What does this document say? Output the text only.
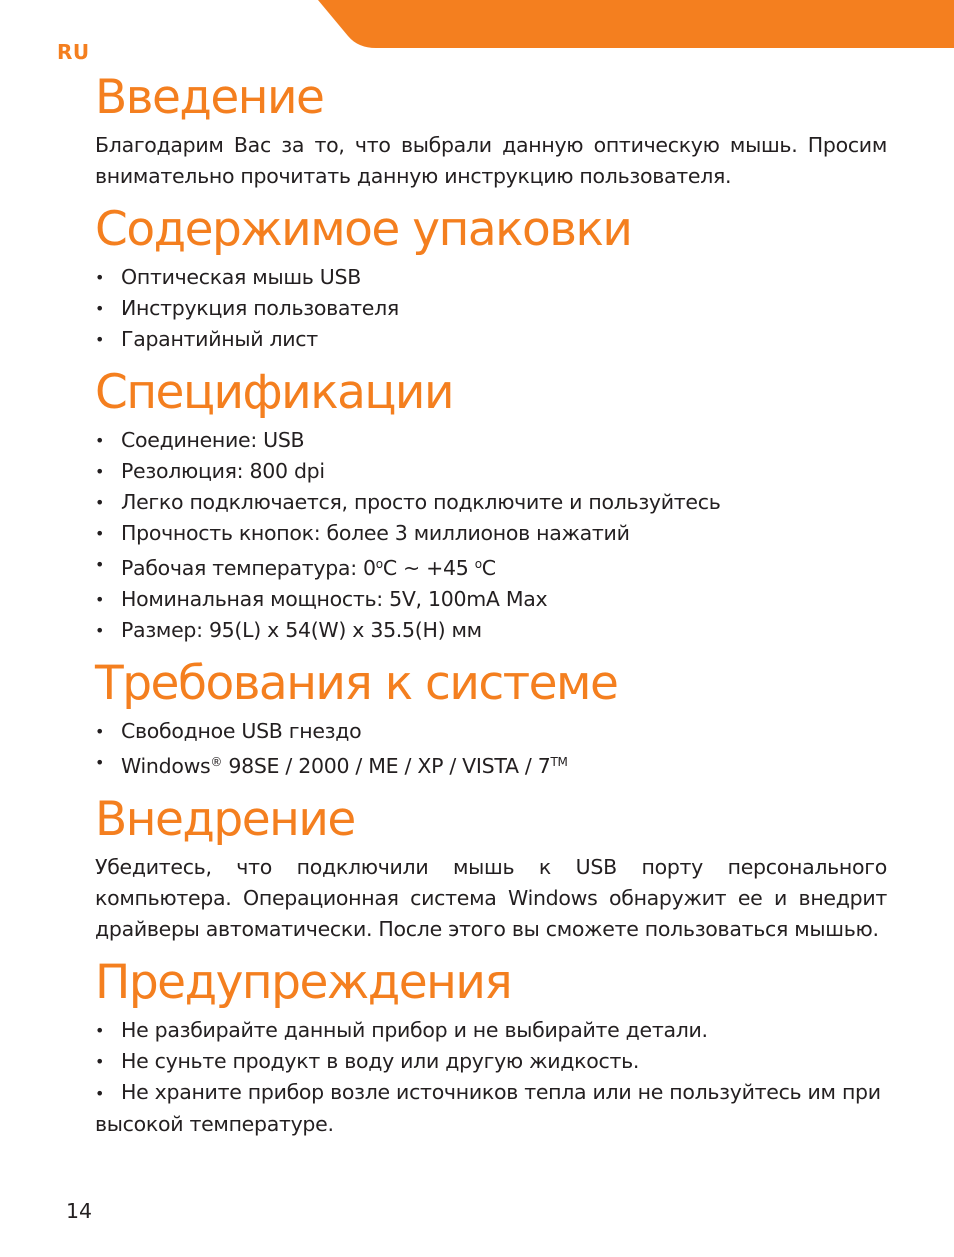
RU
Введение

Благодарим Вас за то, что выбрали данную оптическую мышь. Просим внимательно прочитать данную инструкцию пользователя.

Содержимое упаковки
• Оптическая мышь USB
• Инструкция пользователя
• Гарантийный лист
Спецификации
• Соединение: USB
• Резолюция: 800 dpi
• Легко подключается, просто подключите и пользуйтесь
• Прочность кнопок: более 3 миллионов нажатий
• Рабочая температура: 0$^o$C ~ +45 $^o$C
• Номинальная мощность: 5V, 100mA Max
• Размер: 95(L) x 54(W) x 35.5(H) мм
Требования к системе
• Свободное USB гнездо
• Windows® 98SE / 2000 / ME / XP / VISTA / 7™
Внедрение

Убедитесь, что подключили мышь к USB порту персонального компьютера. Операционная система Windows обнаружит ее и внедрит драйверы автоматически. После этого вы сможете пользоваться мышью.

Предупреждения
• Не разбирайте данный прибор и не выбирайте детали.
• Не суньте продукт в воду или другую жидкость.
• Не храните прибор возле источников тепла или не пользуйтесь им при высокой температуре.
14
